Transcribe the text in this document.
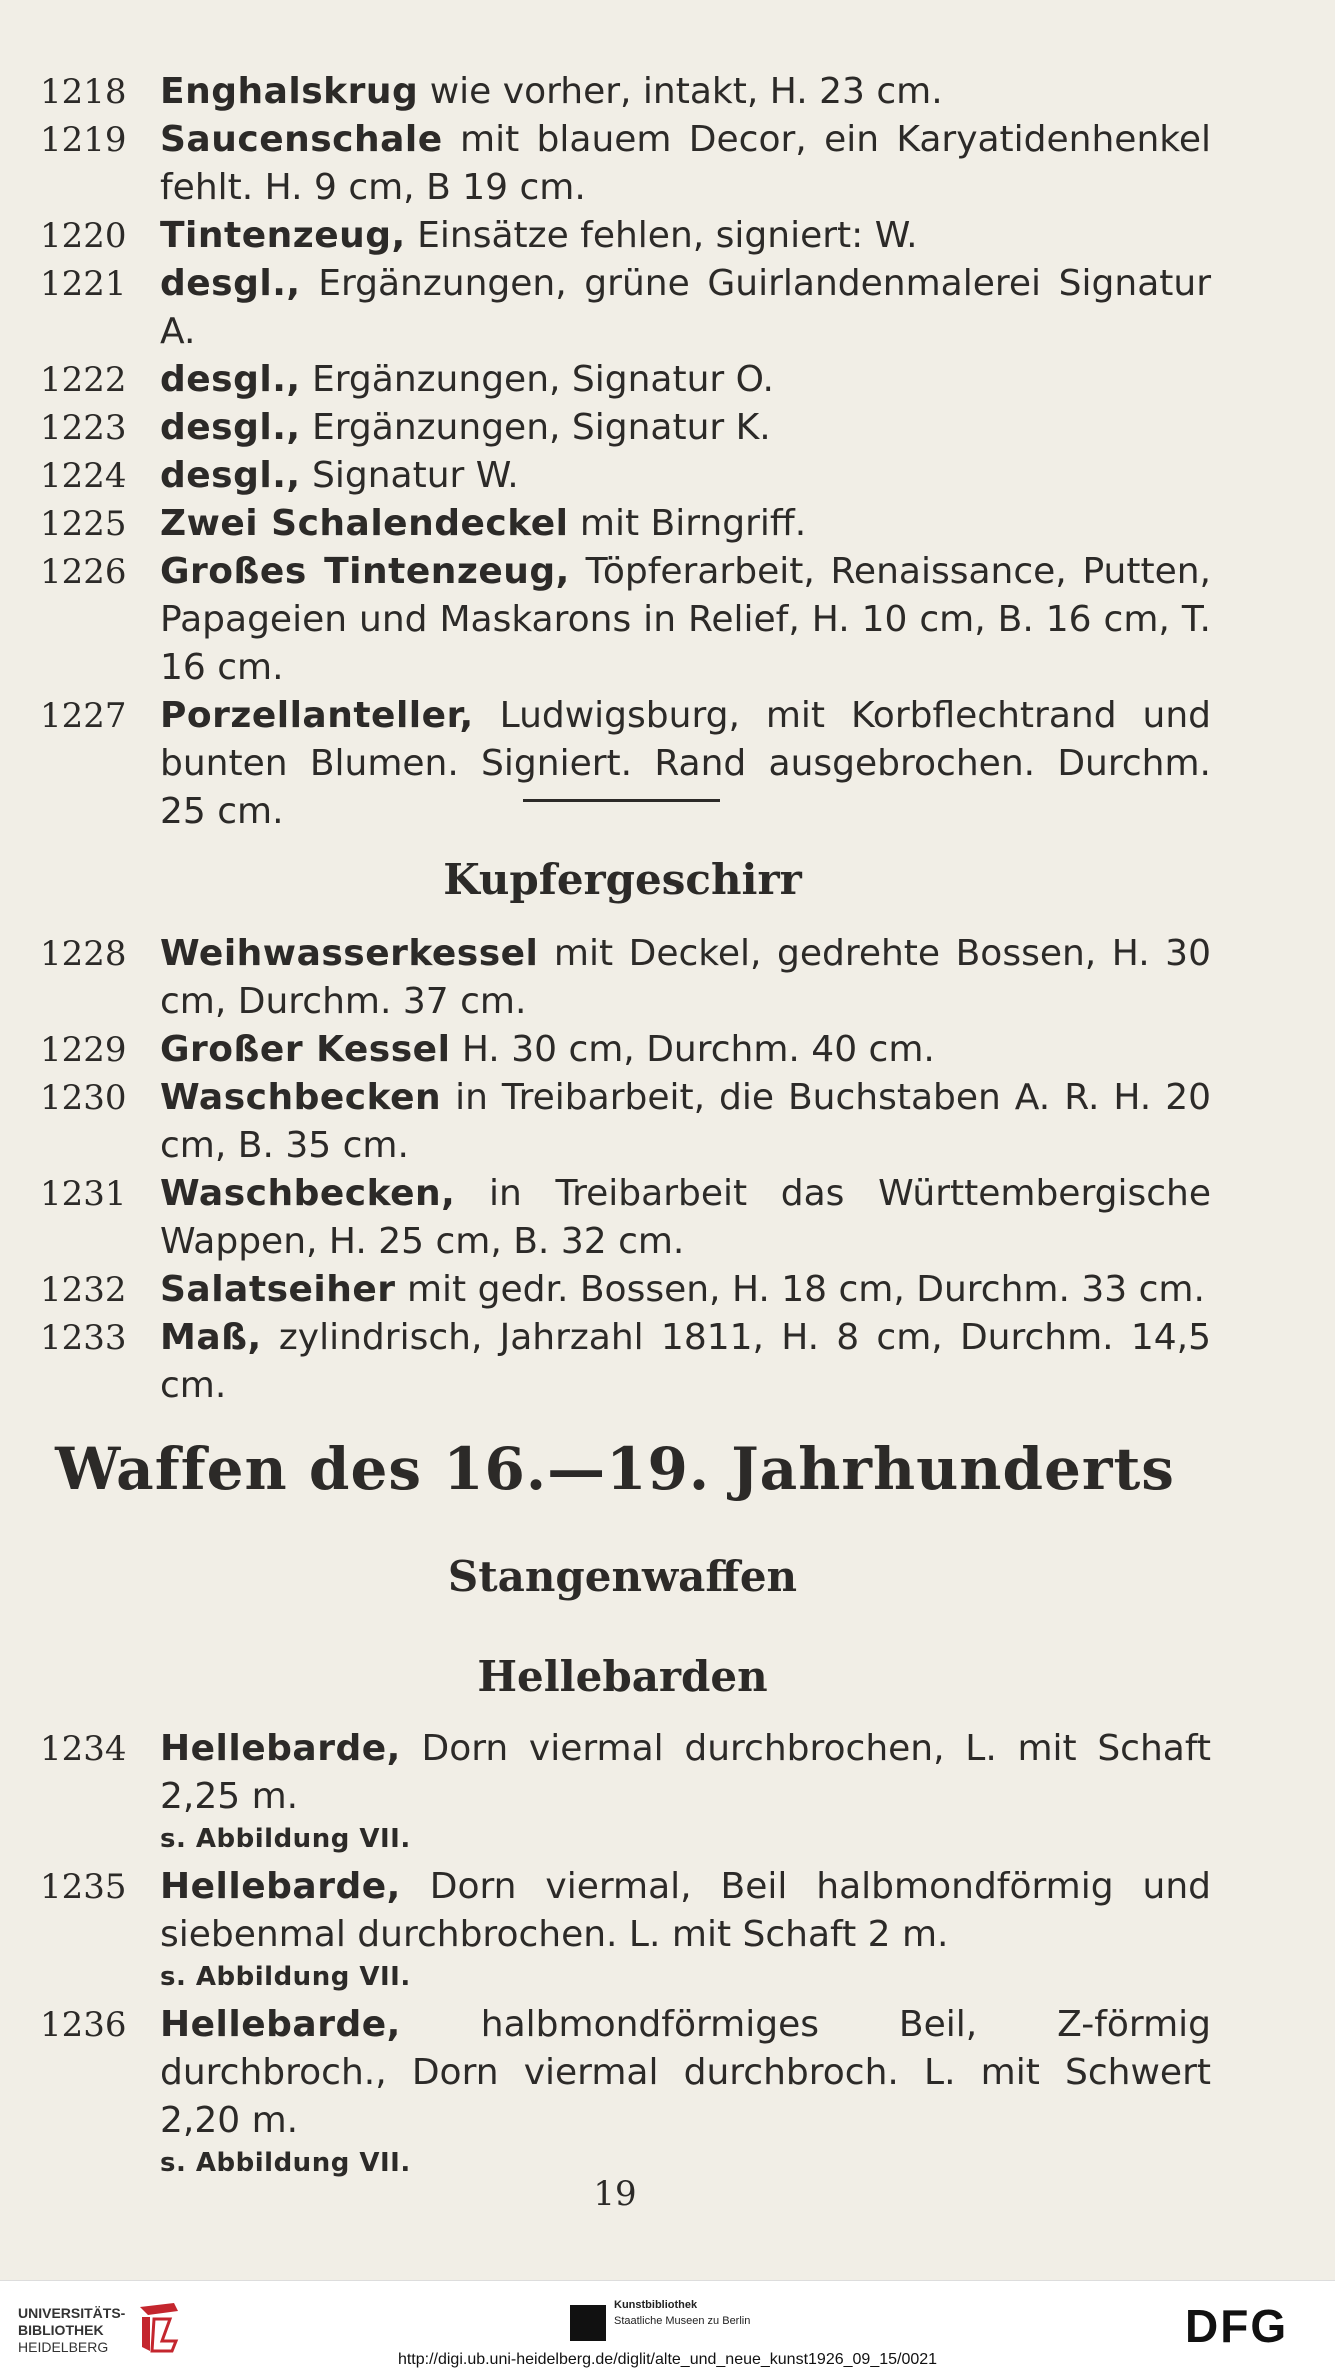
1218 Enghalskrug wie vorher, intakt, H. 23 cm.
1219 Saucenschale mit blauem Decor, ein Karyatidenhenkel fehlt. H. 9 cm, B 19 cm.
1220 Tintenzeug, Einsätze fehlen, signiert: W.
1221 desgl., Ergänzungen, grüne Guirlandenmalerei Signatur A.
1222 desgl., Ergänzungen, Signatur O.
1223 desgl., Ergänzungen, Signatur K.
1224 desgl., Signatur W.
1225 Zwei Schalendeckel mit Birngriff.
1226 Großes Tintenzeug, Töpferarbeit, Renaissance, Putten, Papageien und Maskarons in Relief, H. 10 cm, B. 16 cm, T. 16 cm.
1227 Porzellanteller, Ludwigsburg, mit Korbflechtrand und bunten Blumen. Signiert. Rand ausgebrochen. Durchm. 25 cm.
Kupfergeschirr
1228 Weihwasserkessel mit Deckel, gedrehte Bossen, H. 30 cm, Durchm. 37 cm.
1229 Großer Kessel H. 30 cm, Durchm. 40 cm.
1230 Waschbecken in Treibarbeit, die Buchstaben A. R. H. 20 cm, B. 35 cm.
1231 Waschbecken, in Treibarbeit das Württembergische Wappen, H. 25 cm, B. 32 cm.
1232 Salatseiher mit gedr. Bossen, H. 18 cm, Durchm. 33 cm.
1233 Maß, zylindrisch, Jahrzahl 1811, H. 8 cm, Durchm. 14,5 cm.
Waffen des 16.—19. Jahrhunderts
Stangenwaffen
Hellebarden
1234 Hellebarde, Dorn viermal durchbrochen, L. mit Schaft 2,25 m.
s. Abbildung VII.
1235 Hellebarde, Dorn viermal, Beil halbmondförmig und siebenmal durchbrochen. L. mit Schaft 2 m.
s. Abbildung VII.
1236 Hellebarde, halbmondförmiges Beil, Z-förmig durchbroch., Dorn viermal durchbroch. L. mit Schwert 2,20 m.
s. Abbildung VII.
19
UNIVERSITÄTS-
BIBLIOTHEK
HEIDELBERG
Kunstbibliothek
Staatliche Museen zu Berlin	DFG
http://digi.ub.uni-heidelberg.de/diglit/alte_und_neue_kunst1926_09_15/0021
